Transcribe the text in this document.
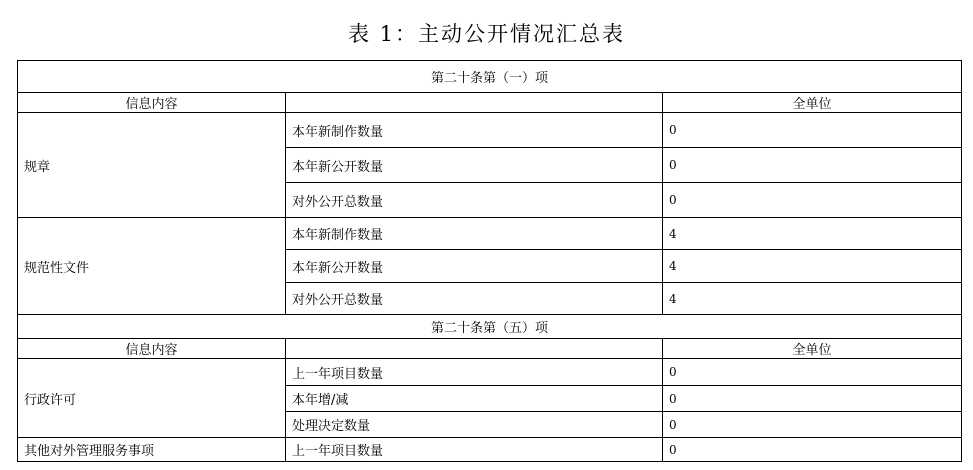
表 1：主动公开情况汇总表
第二十条第（一）项		
信息内容		全单位
规章	本年新制作数量	0
	本年新公开数量	0
	对外公开总数量	0
规范性文件	本年新制作数量	4
	本年新公开数量	4
	对外公开总数量	4
第二十条第（五）项		
信息内容		全单位
行政许可	上一年项目数量	0
	本年增/减	0
	处理决定数量	0
其他对外管理服务事项	上一年项目数量	0
